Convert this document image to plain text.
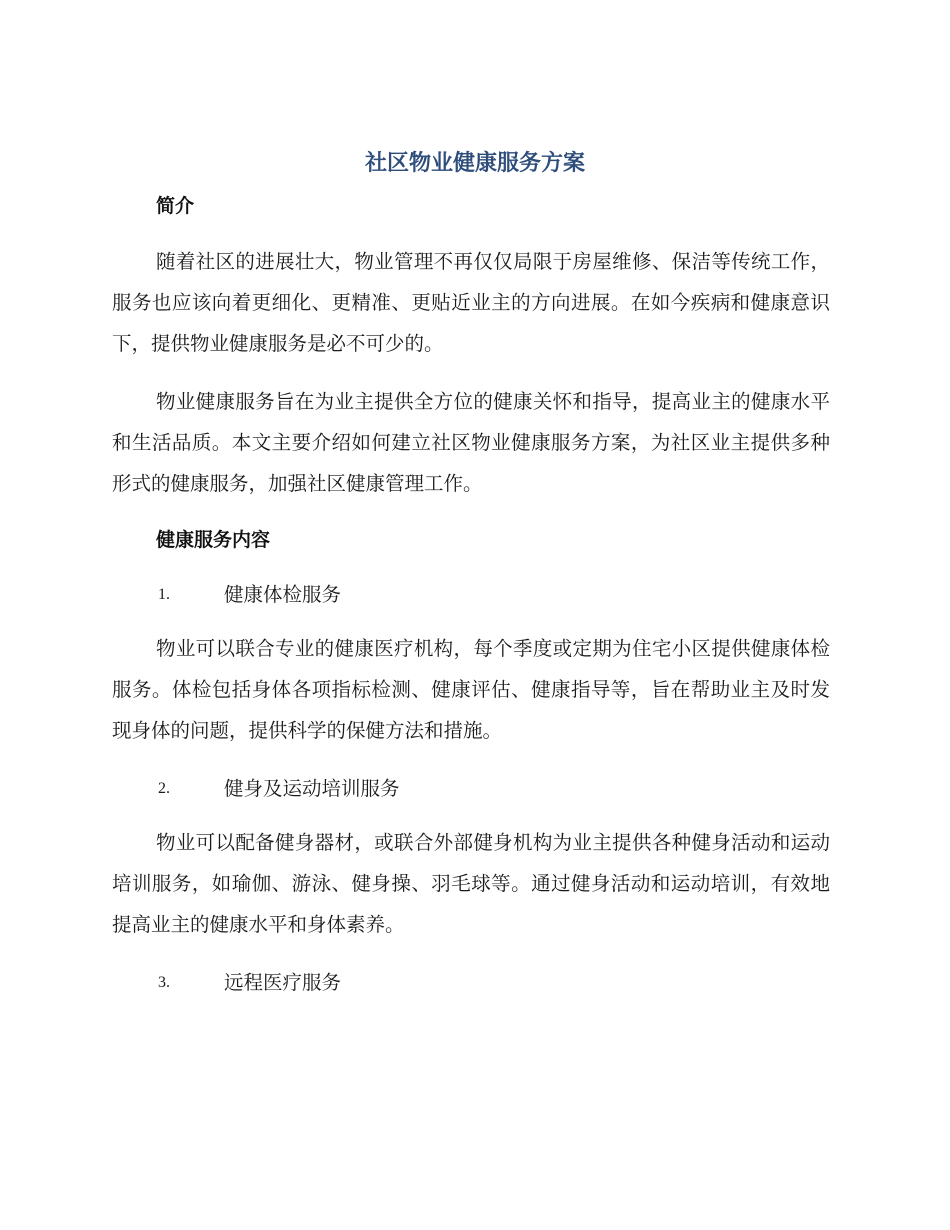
社区物业健康服务方案
简介

随着社区的进展壮大，物业管理不再仅仅局限于房屋维修、保洁等传统工作，服务也应该向着更细化、更精准、更贴近业主的方向进展。在如今疾病和健康意识下，提供物业健康服务是必不可少的。

物业健康服务旨在为业主提供全方位的健康关怀和指导，提高业主的健康水平和生活品质。本文主要介绍如何建立社区物业健康服务方案，为社区业主提供多种形式的健康服务，加强社区健康管理工作。

健康服务内容
1.	健康体检服务

物业可以联合专业的健康医疗机构，每个季度或定期为住宅小区提供健康体检服务。体检包括身体各项指标检测、健康评估、健康指导等，旨在帮助业主及时发现身体的问题，提供科学的保健方法和措施。

2.	健身及运动培训服务

物业可以配备健身器材，或联合外部健身机构为业主提供各种健身活动和运动培训服务，如瑜伽、游泳、健身操、羽毛球等。通过健身活动和运动培训，有效地提高业主的健康水平和身体素养。

3.	远程医疗服务
